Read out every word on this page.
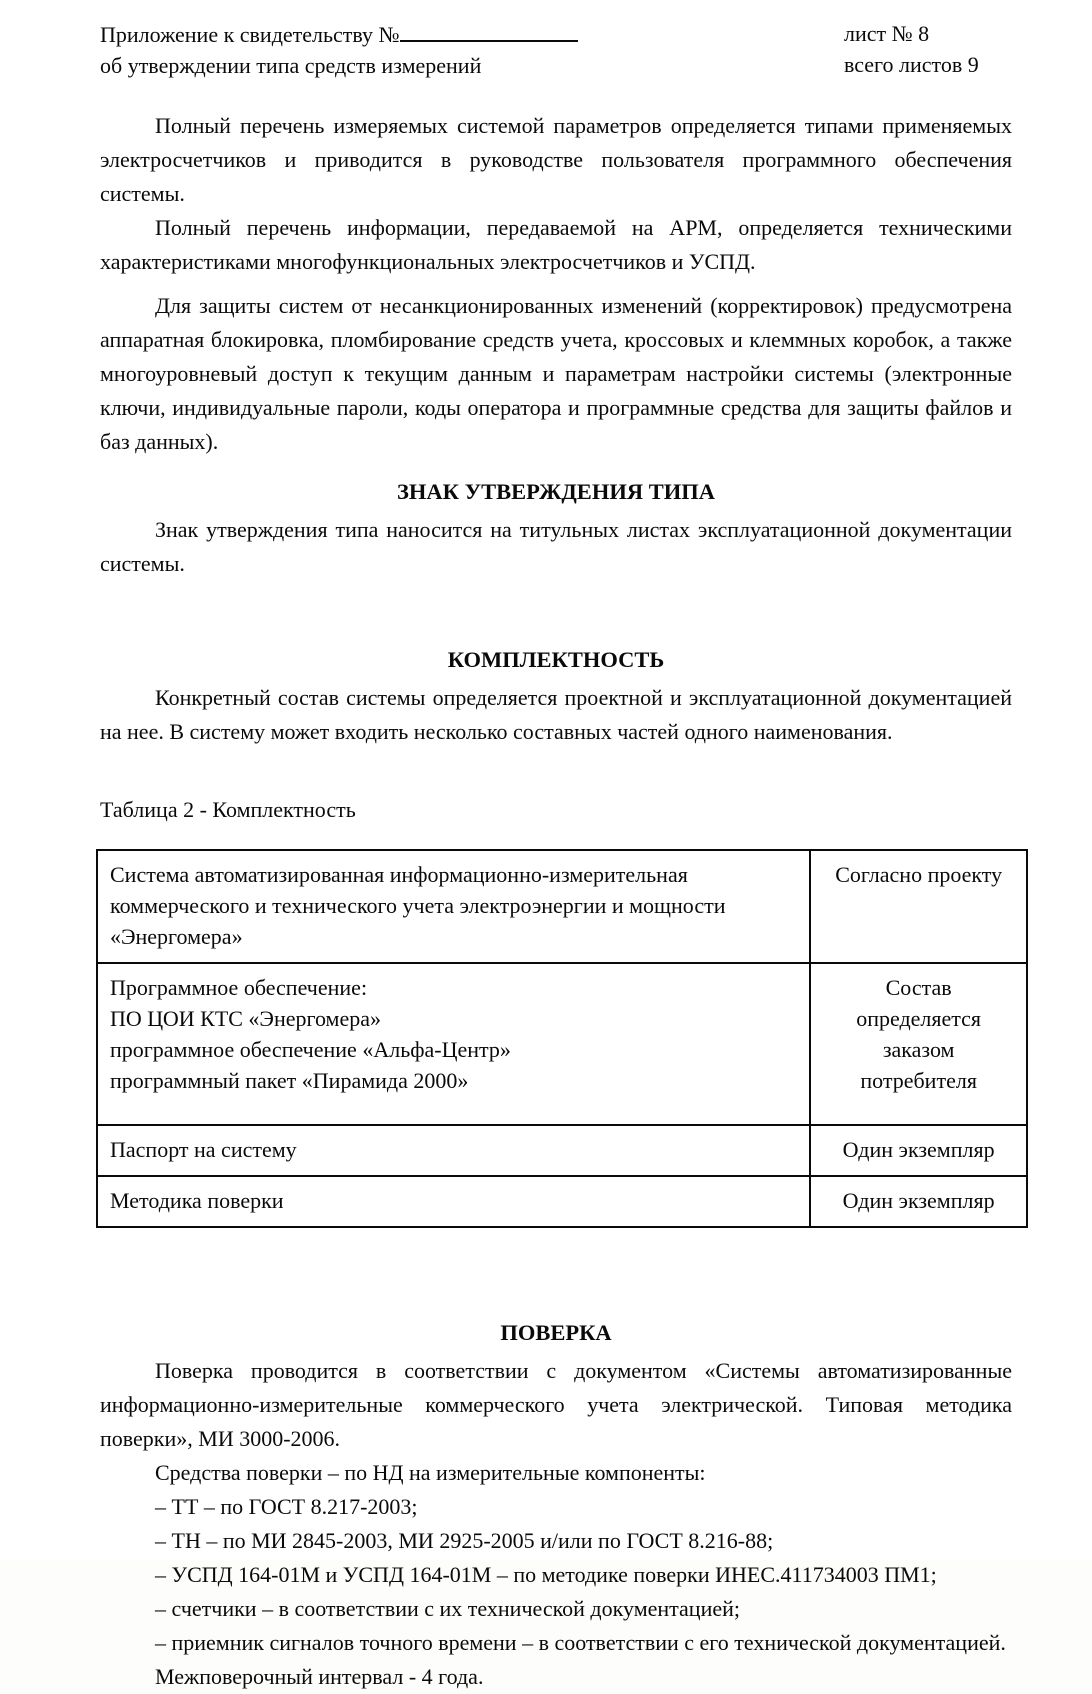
Приложение к свидетельству №
об утверждении типа средств измерений
лист № 8
всего листов 9

Полный перечень измеряемых системой параметров определяется типами применяемых электросчетчиков и приводится в руководстве пользователя программного обеспечения системы.

Полный перечень информации, передаваемой на АРМ, определяется техническими характеристиками многофункциональных электросчетчиков и УСПД.

Для защиты систем от несанкционированных изменений (корректировок) предусмотрена аппаратная блокировка, пломбирование средств учета, кроссовых и клеммных коробок, а также многоуровневый доступ к текущим данным и параметрам настройки системы (электронные ключи, индивидуальные пароли, коды оператора и программные средства для защиты файлов и баз данных).

ЗНАК УТВЕРЖДЕНИЯ ТИПА

Знак утверждения типа наносится на титульных листах эксплуатационной документации системы.

КОМПЛЕКТНОСТЬ

Конкретный состав системы определяется проектной и эксплуатационной документацией на нее. В систему может входить несколько составных частей одного наименования.

Таблица 2 - Комплектность

Система автоматизированная информационно-измерительная коммерческого и технического учета электроэнергии и мощности «Энергомера»	Согласно проекту

Программное обеспечение:
ПО ЦОИ КТС «Энергомера»
программное обеспечение «Альфа-Центр»
программный пакет «Пирамида 2000»	Состав определяется заказом потребителя
Паспорт на систему	Один экземпляр
Методика поверки	Один экземпляр
ПОВЕРКА

Поверка проводится в соответствии с документом «Системы автоматизированные информационно-измерительные коммерческого учета электрической. Типовая методика поверки», МИ 3000-2006.

Средства поверки – по НД на измерительные компоненты:

– ТТ – по ГОСТ 8.217-2003;

– ТН – по МИ 2845-2003, МИ 2925-2005 и/или по ГОСТ 8.216-88;

– УСПД 164-01М и УСПД 164-01М – по методике поверки ИНЕС.411734003 ПМ1;

– счетчики – в соответствии с их технической документацией;

– приемник сигналов точного времени – в соответствии с его технической документацией.

Межповерочный интервал - 4 года.
